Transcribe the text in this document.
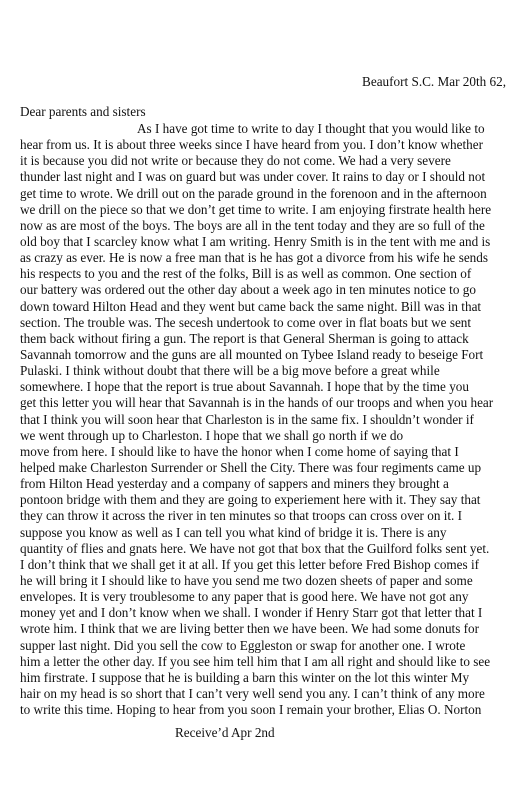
Beaufort S.C. Mar 20th 62,
Dear parents and sisters
As I have got time to write to day I thought that you would like to
hear from us. It is about three weeks since I have heard from you. I don’t know whether
it is because you did not write or because they do not come. We had a very severe
thunder last night and I was on guard but was under cover. It rains to day or I should not
get time to wrote. We drill out on the parade ground in the forenoon and in the afternoon
we drill on the piece so that we don’t get time to write. I am enjoying firstrate health here
now as are most of the boys. The boys are all in the tent today and they are so full of the
old boy that I scarcley know what I am writing. Henry Smith is in the tent with me and is
as crazy as ever. He is now a free man that is he has got a divorce from his wife he sends
his respects to you and the rest of the folks, Bill is as well as common. One section of
our battery was ordered out the other day about a week ago in ten minutes notice to go
down toward Hilton Head and they went but came back the same night. Bill was in that
section. The trouble was. The secesh undertook to come over in flat boats but we sent
them back without firing a gun. The report is that General Sherman is going to attack
Savannah tomorrow and the guns are all mounted on Tybee Island ready to beseige Fort
Pulaski. I think without doubt that there will be a big move before a great while
somewhere. I hope that the report is true about Savannah. I hope that by the time you
get this letter you will hear that Savannah is in the hands of our troops and when you hear
that I think you will soon hear that Charleston is in the same fix. I shouldn’t wonder if
we went through up to Charleston. I hope that we shall go north if we do
move from here. I should like to have the honor when I come home of saying that I
helped make Charleston Surrender or Shell the City. There was four regiments came up
from Hilton Head yesterday and a company of sappers and miners they brought a
pontoon bridge with them and they are going to experiement here with it. They say that
they can throw it across the river in ten minutes so that troops can cross over on it. I
suppose you know as well as I can tell you what kind of bridge it is. There is any
quantity of flies and gnats here. We have not got that box that the Guilford folks sent yet.
I don’t think that we shall get it at all. If you get this letter before Fred Bishop comes if
he will bring it I should like to have you send me two dozen sheets of paper and some
envelopes. It is very troublesome to any paper that is good here. We have not got any
money yet and I don’t know when we shall. I wonder if Henry Starr got that letter that I
wrote him. I think that we are living better then we have been. We had some donuts for
supper last night. Did you sell the cow to Eggleston or swap for another one. I wrote
him a letter the other day. If you see him tell him that I am all right and should like to see
him firstrate. I suppose that he is building a barn this winter on the lot this winter My
hair on my head is so short that I can’t very well send you any. I can’t think of any more
to write this time. Hoping to hear from you soon I remain your brother, Elias O. Norton
Receive’d Apr 2nd
